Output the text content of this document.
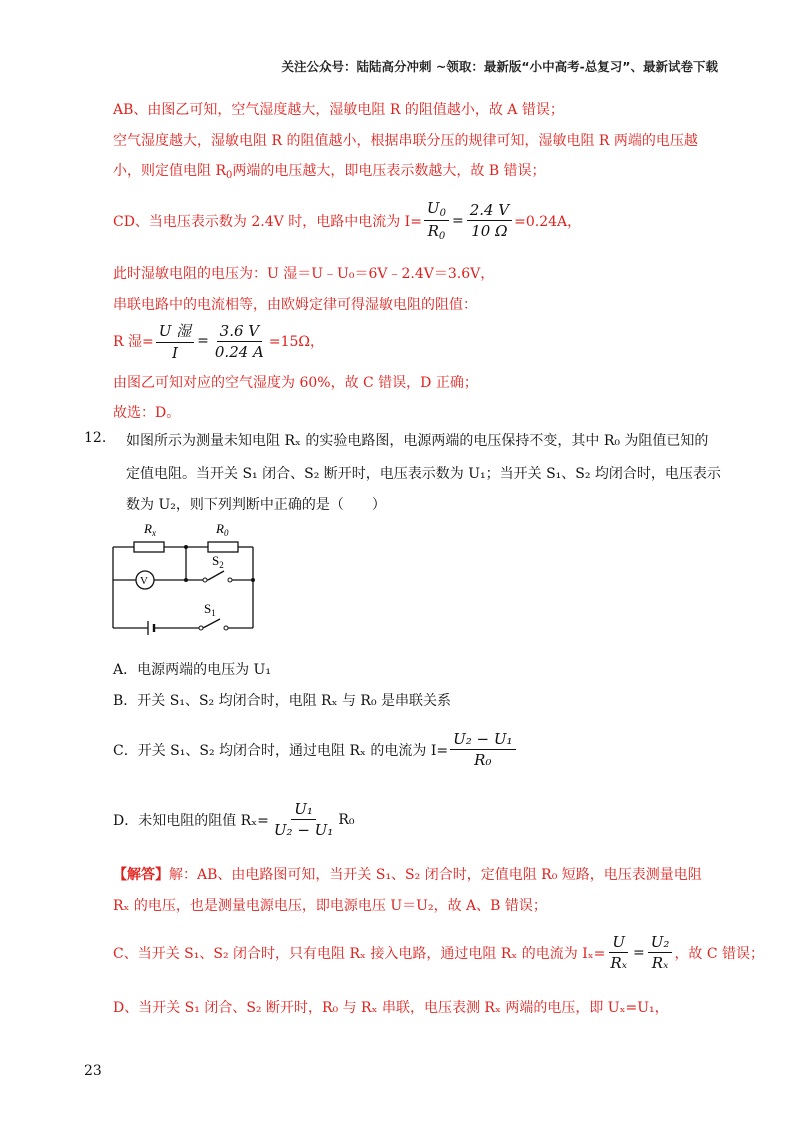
关注公众号：陆陆高分冲刺 ~领取：最新版“小中高考-总复习”、最新试卷下载
AB、由图乙可知，空气湿度越大，湿敏电阻 R 的阻值越小，故 A 错误；
空气湿度越大，湿敏电阻 R 的阻值越小，根据串联分压的规律可知，湿敏电阻 R 两端的电压越
小，则定值电阻 $R_0$两端的电压越大，即电压表示数越大，故 B 错误；
CD、当电压表示数为 2.4V 时，电路中电流为 $I= \frac{U_0}{R_0} = \frac{2.4 V}{10 \Omega} =0.24A$，
此时湿敏电阻的电压为：U 湿＝U﹣U₀＝6V﹣2.4V＝3.6V，
串联电路中的电流相等，由欧姆定律可得湿敏电阻的阻值：
R 湿= $\frac{\text{U 湿}}{I} = \frac{3.6 V}{0.24 A} =15\Omega$，
由图乙可知对应的空气湿度为 60%，故 C 错误，D 正确；
故选：D。
12. 如图所示为测量未知电阻 Rₓ 的实验电路图，电源两端的电压保持不变，其中 R₀ 为阻值已知的
定值电阻。当开关 S₁ 闭合、S₂ 断开时，电压表示数为 U₁；当开关 S₁、S₂ 均闭合时，电压表示
数为 U₂，则下列判断中正确的是（　　）
$R_x$	$R_0$
V
$S_2$
$S_1$
A．电源两端的电压为 U₁
B．开关 S₁、S₂ 均闭合时，电阻 Rₓ 与 R₀ 是串联关系
C．开关 S₁、S₂ 均闭合时，通过电阻 Rₓ 的电流为 $I= \frac{\text{U₂ − U₁}}{\text{R₀}}$
D．未知电阻的阻值 $R_x= \frac{\text{U₁}}{\text{U₂ − U₁}} R_0$
【解答】解：AB、由电路图可知，当开关 S₁、S₂ 闭合时，定值电阻 R₀ 短路，电压表测量电阻
Rₓ 的电压，也是测量电源电压，即电源电压 U＝U₂，故 A、B 错误；
C、当开关 S₁、S₂ 闭合时，只有电阻 Rₓ 接入电路，通过电阻 Rₓ 的电流为 $I_x= \frac{U}{\text{Rₓ}} = \frac{\text{U₂}}{\text{Rₓ}}$ ，故 C 错误；
D、当开关 S₁ 闭合、S₂ 断开时，R₀ 与 Rₓ 串联，电压表测 Rₓ 两端的电压，即 Uₓ=U₁，
23
